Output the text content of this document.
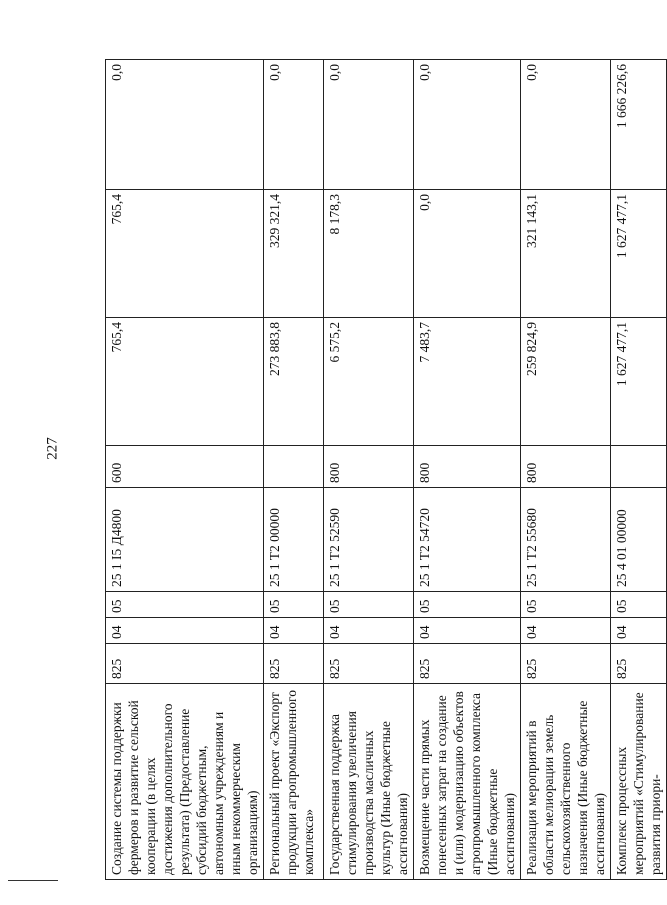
227
Создание системы поддержки фермеров и развитие сельской кооперации (в целях достижения дополнительного результата) (Предоставление субсидий бюджетным, автономным учреждениям и иным некоммерческим организациям)	825	04	05	25 1 I5 Д4800	600	765,4	765,4	0,0
Региональный проект «Экспорт продукции агропромышленного комплекса»	825	04	05	25 1 T2 00000		273 883,8	329 321,4	0,0
Государственная поддержка стимулирования увеличения производства масличных культур (Иные бюджетные ассигнования)	825	04	05	25 1 T2 52590	800	6 575,2	8 178,3	0,0
Возмещение части прямых понесенных затрат на создание и (или) модернизацию объектов агропромышленного комплекса (Иные бюджетные ассигнования)	825	04	05	25 1 T2 54720	800	7 483,7	0,0	0,0
Реализация мероприятий в области мелиорации земель сельскохозяйственного назначения (Иные бюджетные ассигнования)	825	04	05	25 1 T2 55680	800	259 824,9	321 143,1	0,0
Комплекс процессных мероприятий «Стимулирование развития приори-	825	04	05	25 4 01 00000		1 627 477,1	1 627 477,1	1 666 226,6
